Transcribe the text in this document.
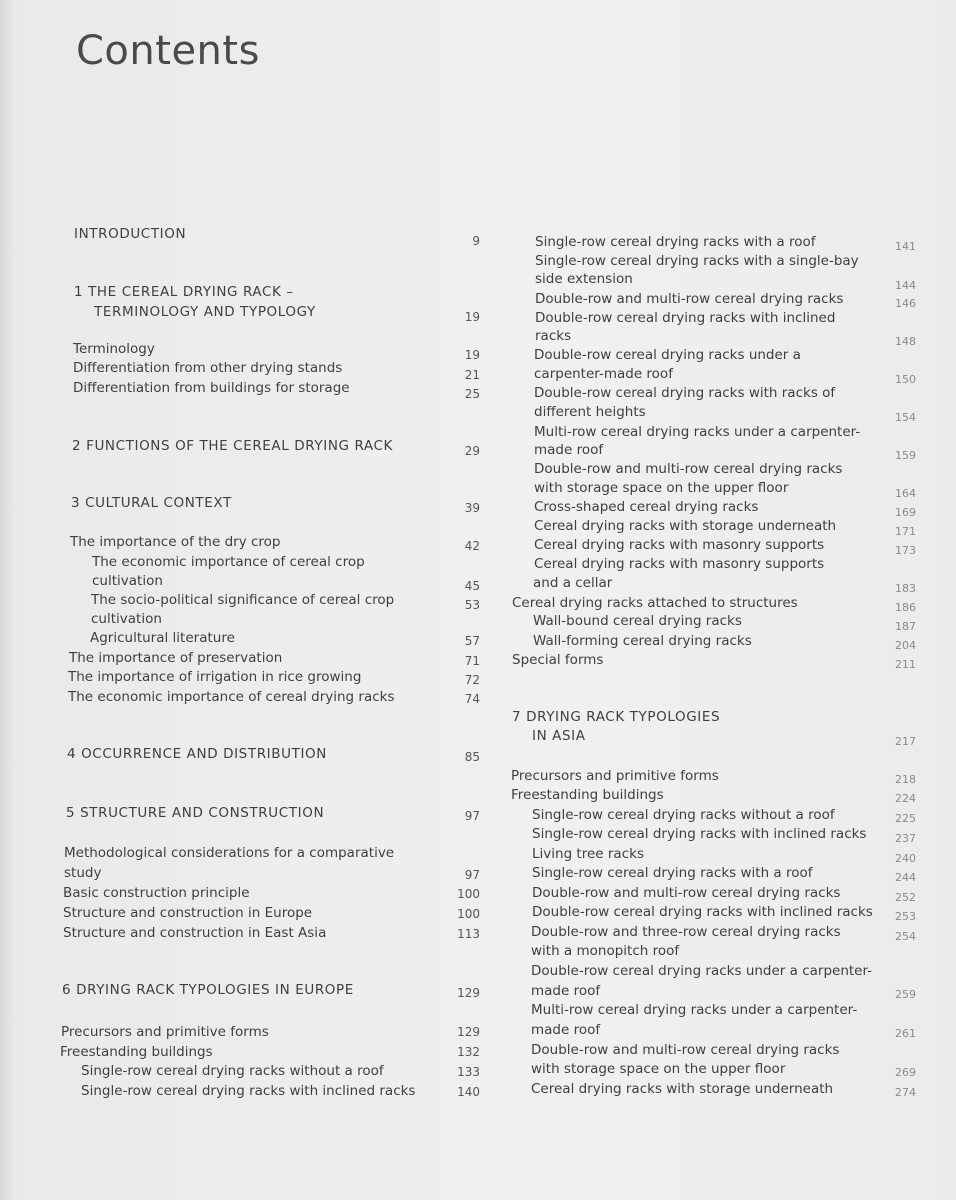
Contents
INTRODUCTION	9
1 THE CEREAL DRYING RACK –
TERMINOLOGY AND TYPOLOGY	19
Terminology	19
Differentiation from other drying stands	21
Differentiation from buildings for storage	25
2 FUNCTIONS OF THE CEREAL DRYING RACK	29
3 CULTURAL CONTEXT	39
The importance of the dry crop	42
The economic importance of cereal crop
cultivation	45
The socio-political significance of cereal crop	53
cultivation
Agricultural literature	57
The importance of preservation	71
The importance of irrigation in rice growing	72
The economic importance of cereal drying racks	74
4 OCCURRENCE AND DISTRIBUTION	85
5 STRUCTURE AND CONSTRUCTION	97
Methodological considerations for a comparative
study	97
Basic construction principle	100
Structure and construction in Europe	100
Structure and construction in East Asia	113
6 DRYING RACK TYPOLOGIES IN EUROPE	129
Precursors and primitive forms	129
Freestanding buildings	132
Single-row cereal drying racks without a roof	133
Single-row cereal drying racks with inclined racks	140
Single-row cereal drying racks with a roof	141
Single-row cereal drying racks with a single-bay
side extension	144
Double-row and multi-row cereal drying racks	146
Double-row cereal drying racks with inclined
racks	148
Double-row cereal drying racks under a
carpenter-made roof	150
Double-row cereal drying racks with racks of
different heights	154
Multi-row cereal drying racks under a carpenter-
made roof	159
Double-row and multi-row cereal drying racks
with storage space on the upper floor	164
Cross-shaped cereal drying racks	169
Cereal drying racks with storage underneath	171
Cereal drying racks with masonry supports	173
Cereal drying racks with masonry supports
and a cellar	183
Cereal drying racks attached to structures	186
Wall-bound cereal drying racks	187
Wall-forming cereal drying racks	204
Special forms	211
7 DRYING RACK TYPOLOGIES
IN ASIA	217
Precursors and primitive forms	218
Freestanding buildings	224
Single-row cereal drying racks without a roof	225
Single-row cereal drying racks with inclined racks	237
Living tree racks	240
Single-row cereal drying racks with a roof	244
Double-row and multi-row cereal drying racks	252
Double-row cereal drying racks with inclined racks	253
Double-row and three-row cereal drying racks	254
with a monopitch roof
Double-row cereal drying racks under a carpenter-
made roof	259
Multi-row cereal drying racks under a carpenter-
made roof	261
Double-row and multi-row cereal drying racks
with storage space on the upper floor	269
Cereal drying racks with storage underneath	274
